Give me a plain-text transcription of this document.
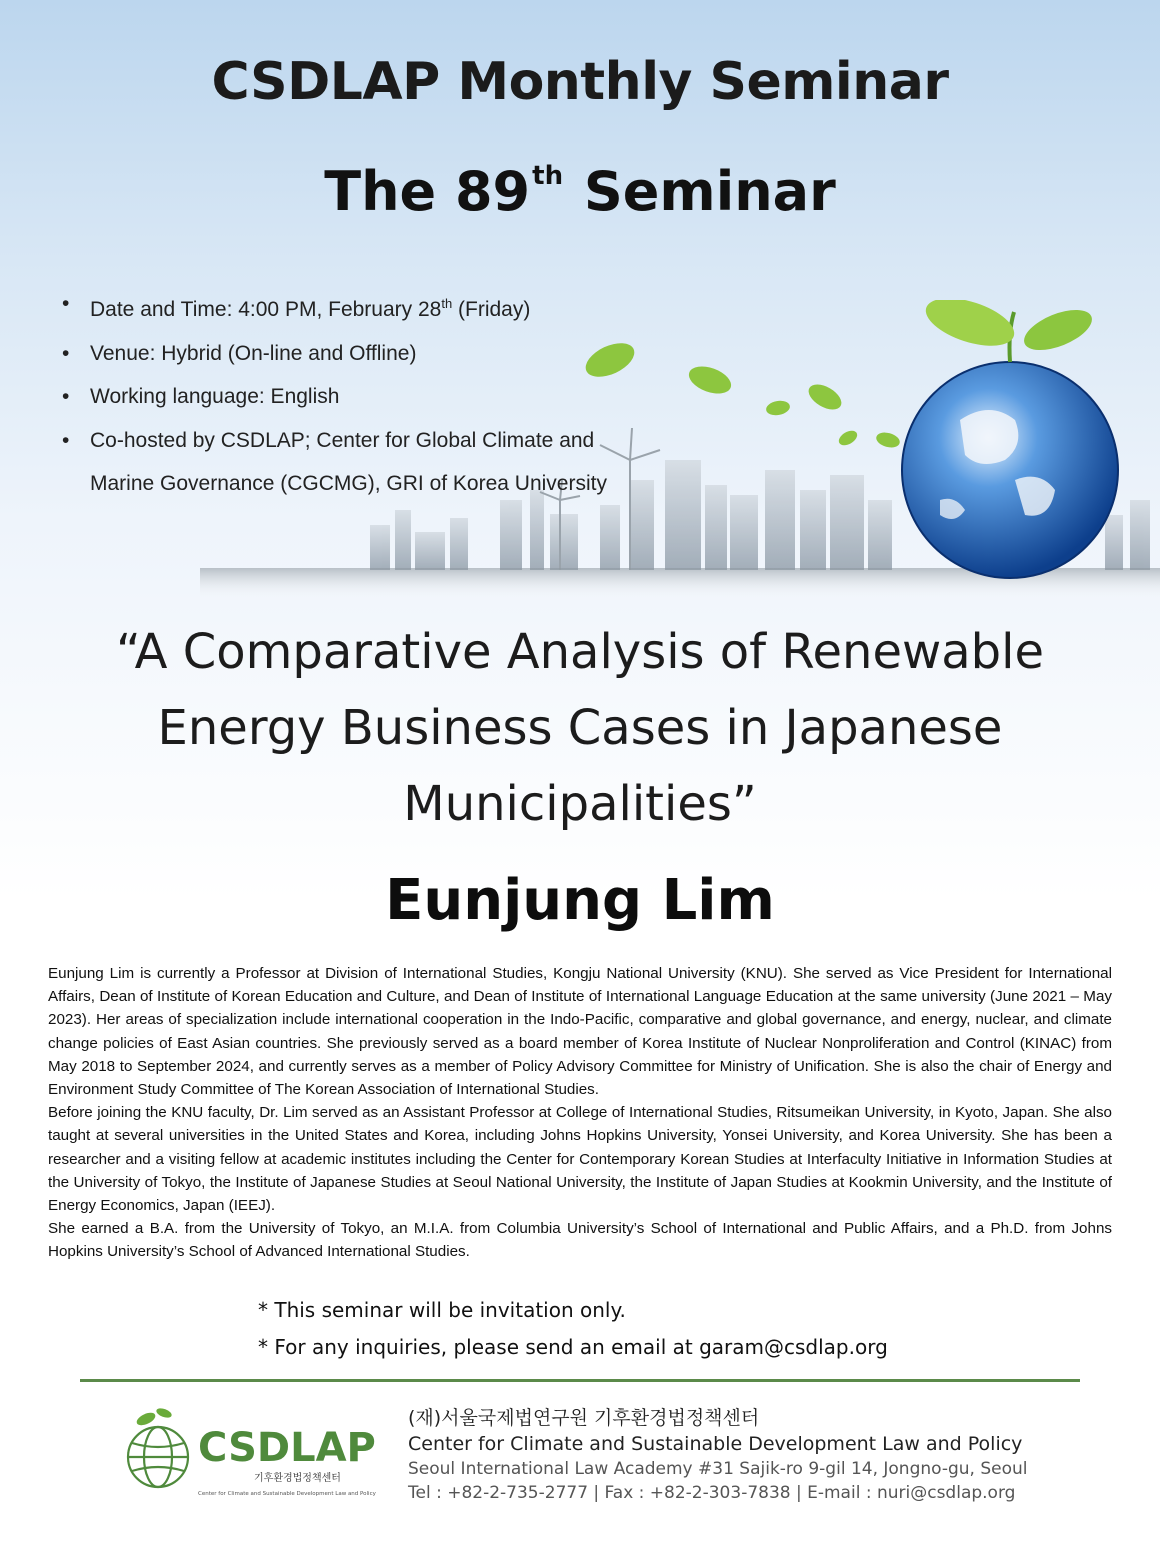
CSDLAP Monthly Seminar
The 89th Seminar
• Date and Time: 4:00 PM, February 28th (Friday)
• Venue: Hybrid (On-line and Offline)
• Working language: English
• Co-hosted by CSDLAP; Center for Global Climate and Marine Governance (CGCMG), GRI of Korea University
“A Comparative Analysis of Renewable
Energy Business Cases in Japanese
Municipalities”
Eunjung Lim

Eunjung Lim is currently a Professor at Division of International Studies, Kongju National University (KNU). She served as Vice President for International Affairs, Dean of Institute of Korean Education and Culture, and Dean of Institute of International Language Education at the same university (June 2021 – May 2023). Her areas of specialization include international cooperation in the Indo-Pacific, comparative and global governance, and energy, nuclear, and climate change policies of East Asian countries. She previously served as a board member of Korea Institute of Nuclear Nonproliferation and Control (KINAC) from May 2018 to September 2024, and currently serves as a member of Policy Advisory Committee for Ministry of Unification. She is also the chair of Energy and Environment Study Committee of The Korean Association of International Studies.

Before joining the KNU faculty, Dr. Lim served as an Assistant Professor at College of International Studies, Ritsumeikan University, in Kyoto, Japan. She also taught at several universities in the United States and Korea, including Johns Hopkins University, Yonsei University, and Korea University. She has been a researcher and a visiting fellow at academic institutes including the Center for Contemporary Korean Studies at Interfaculty Initiative in Information Studies at the University of Tokyo, the Institute of Japanese Studies at Seoul National University, the Institute of Japan Studies at Kookmin University, and the Institute of Energy Economics, Japan (IEEJ).

She earned a B.A. from the University of Tokyo, an M.I.A. from Columbia University’s School of International and Public Affairs, and a Ph.D. from Johns Hopkins University’s School of Advanced International Studies.

* This seminar will be invitation only.
* For any inquiries, please send an email at garam@csdlap.org
CSDLAP
기후환경법정책센터
Center for Climate and Sustainable Development Law and Policy
(재)서울국제법연구원 기후환경법정책센터
Center for Climate and Sustainable Development Law and Policy
Seoul International Law Academy #31 Sajik-ro 9-gil 14, Jongno-gu, Seoul
Tel : +82-2-735-2777 | Fax : +82-2-303-7838 | E-mail : nuri@csdlap.org
